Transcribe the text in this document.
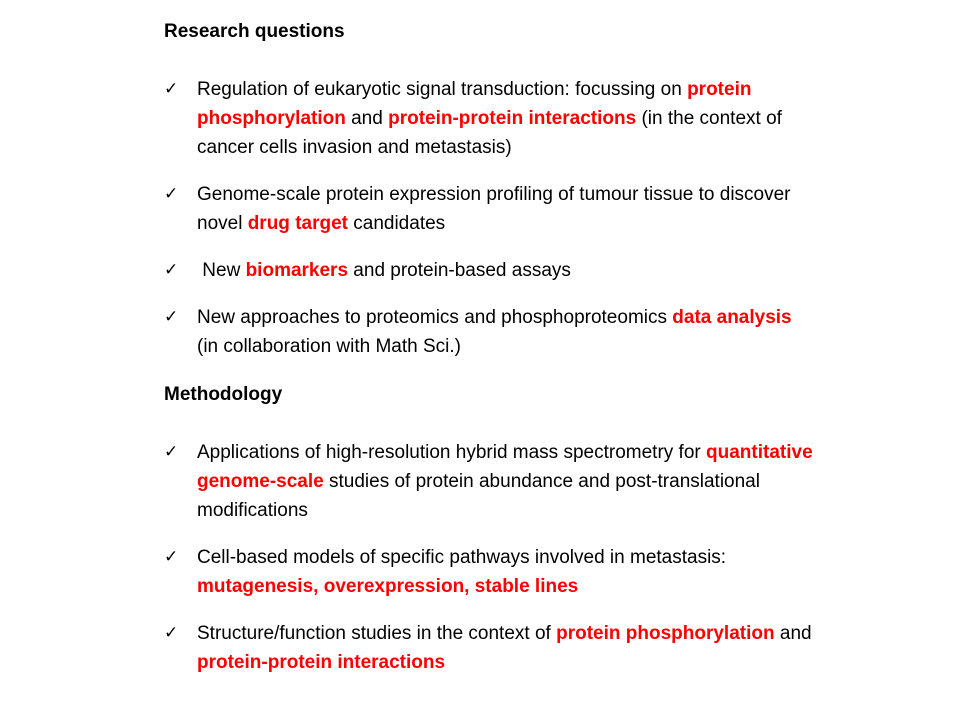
Research questions

✓ Regulation of eukaryotic signal transduction: focussing on protein phosphorylation and protein-protein interactions (in the context of cancer cells invasion and metastasis)
✓ Genome-scale protein expression profiling of tumour tissue to discover novel drug target candidates
✓ New biomarkers and protein-based assays
✓ New approaches to proteomics and phosphoproteomics data analysis (in collaboration with Math Sci.)

Methodology

✓ Applications of high-resolution hybrid mass spectrometry for quantitative genome-scale studies of protein abundance and post-translational modifications
✓ Cell-based models of specific pathways involved in metastasis: mutagenesis, overexpression, stable lines
✓ Structure/function studies in the context of protein phosphorylation and protein-protein interactions
